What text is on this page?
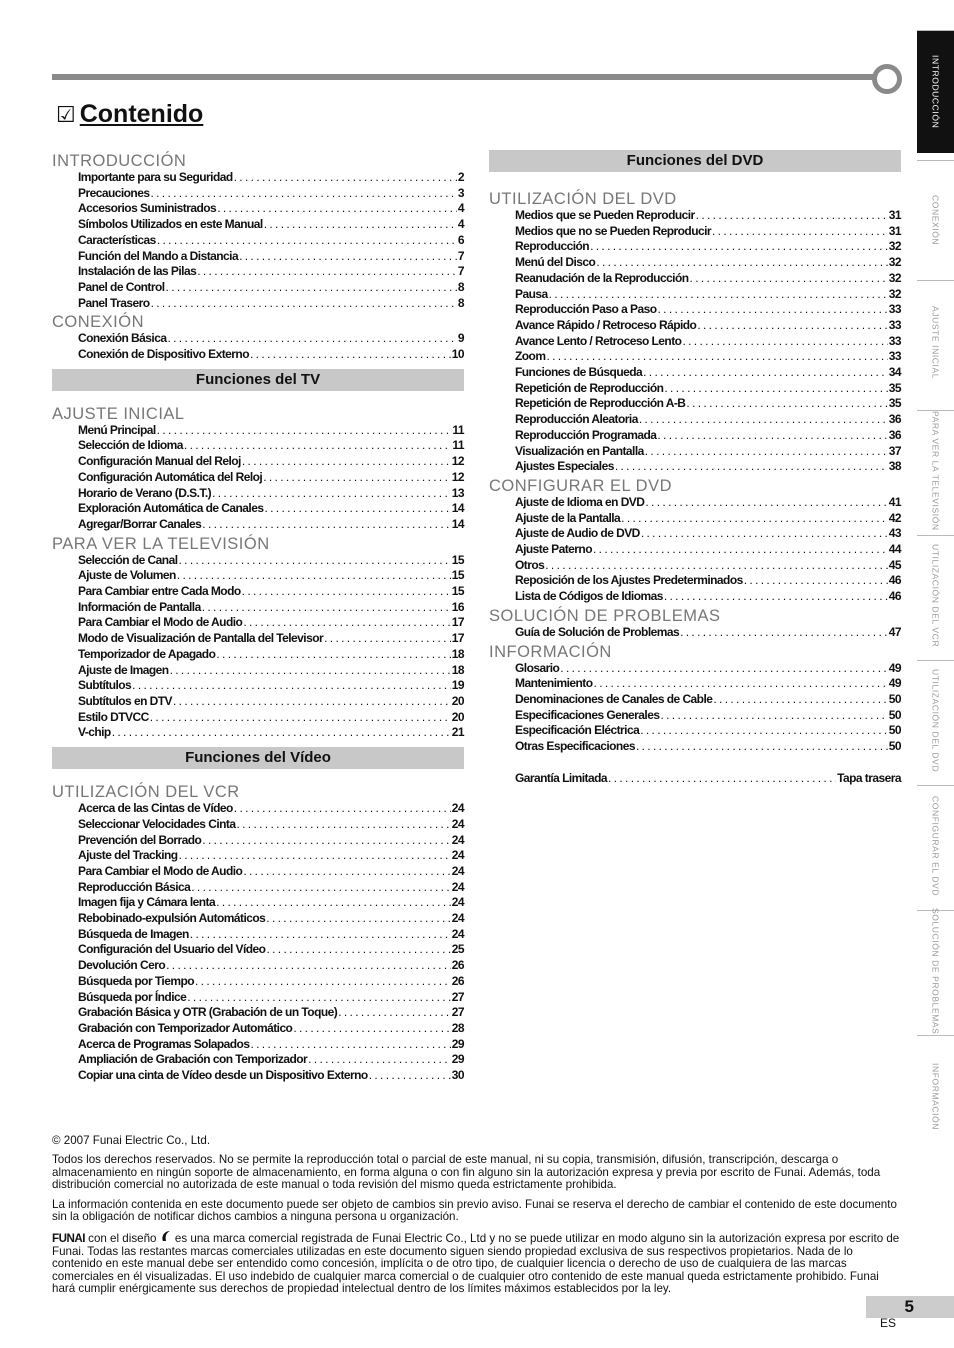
☑ Contenido
INTRODUCCIÓN
Importante para su Seguridad . . .	2
Precauciones . . .	3
Accesorios Suministrados . . .	4
Símbolos Utilizados en este Manual . . .	4
Características . . .	6
Función del Mando a Distancia . . .	7
Instalación de las Pilas . . .	7
Panel de Control . . .	8
Panel Trasero . . .	8
CONEXIÓN
Conexión Básica . . .	9
Conexión de Dispositivo Externo . . .	10
Funciones del TV
AJUSTE INICIAL
Menú Principal . . .	11
Selección de Idioma . . .	11
Configuración Manual del Reloj . . .	12
Configuración Automática del Reloj . . .	12
Horario de Verano (D.S.T.) . . .	13
Exploración Automática de Canales . . .	14
Agregar/Borrar Canales . . .	14
PARA VER LA TELEVISIÓN
Selección de Canal . . .	15
Ajuste de Volumen . . .	15
Para Cambiar entre Cada Modo . . .	15
Información de Pantalla . . .	16
Para Cambiar el Modo de Audio . . .	17
Modo de Visualización de Pantalla del Televisor . . .	17
Temporizador de Apagado . . .	18
Ajuste de Imagen . . .	18
Subtítulos . . .	19
Subtítulos en DTV . . .	20
Estilo DTVCC . . .	20
V-chip . . .	21
Funciones del Vídeo
UTILIZACIÓN DEL VCR
Acerca de las Cintas de Vídeo . . .	24
Seleccionar Velocidades Cinta . . .	24
Prevención del Borrado . . .	24
Ajuste del Tracking . . .	24
Para Cambiar el Modo de Audio . . .	24
Reproducción Básica . . .	24
Imagen fija y Cámara lenta . . .	24
Rebobinado-expulsión Automáticos . . .	24
Búsqueda de Imagen . . .	24
Configuración del Usuario del Vídeo . . .	25
Devolución Cero . . .	26
Búsqueda por Tiempo . . .	26
Búsqueda por Índice . . .	27
Grabación Básica y OTR (Grabación de un Toque) . . .	27
Grabación con Temporizador Automático . . .	28
Acerca de Programas Solapados . . .	29
Ampliación de Grabación con Temporizador . . .	29
Copiar una cinta de Vídeo desde un Dispositivo Externo . . .	30
Funciones del DVD
UTILIZACIÓN DEL DVD
Medios que se Pueden Reproducir . . .	31
Medios que no se Pueden Reproducir . . .	31
Reproducción . . .	32
Menú del Disco . . .	32
Reanudación de la Reproducción . . .	32
Pausa . . .	32
Reproducción Paso a Paso . . .	33
Avance Rápido / Retroceso Rápido . . .	33
Avance Lento / Retroceso Lento . . .	33
Zoom . . .	33
Funciones de Búsqueda . . .	34
Repetición de Reproducción . . .	35
Repetición de Reproducción A-B . . .	35
Reproducción Aleatoria . . .	36
Reproducción Programada . . .	36
Visualización en Pantalla . . .	37
Ajustes Especiales . . .	38
CONFIGURAR EL DVD
Ajuste de Idioma en DVD . . .	41
Ajuste de la Pantalla . . .	42
Ajuste de Audio de DVD . . .	43
Ajuste Paterno . . .	44
Otros . . .	45
Reposición de los Ajustes Predeterminados . . .	46
Lista de Códigos de Idiomas . . .	46
SOLUCIÓN DE PROBLEMAS
Guía de Solución de Problemas . . .	47
INFORMACIÓN
Glosario . . .	49
Mantenimiento . . .	49
Denominaciones de Canales de Cable . . .	50
Especificaciones Generales . . .	50
Especificación Eléctrica . . .	50
Otras Especificaciones . . .	50
Garantía Limitada . . .	Tapa trasera
INTRODUCCIÓN
CONEXIÓN
AJUSTE INICIAL
PARA VER LA TELEVISIÓN
UTILIZACIÓN DEL VCR
UTILIZACIÓN DEL DVD
CONFIGURAR EL DVD
SOLUCIÓN DE PROBLEMAS
INFORMACIÓN

© 2007 Funai Electric Co., Ltd.

Todos los derechos reservados. No se permite la reproducción total o parcial de este manual, ni su copia, transmisión, difusión, transcripción, descarga o almacenamiento en ningún soporte de almacenamiento, en forma alguna o con fin alguno sin la autorización expresa y previa por escrito de Funai. Además, toda distribución comercial no autorizada de este manual o toda revisión del mismo queda estrictamente prohibida.

La información contenida en este documento puede ser objeto de cambios sin previo aviso. Funai se reserva el derecho de cambiar el contenido de este documento sin la obligación de notificar dichos cambios a ninguna persona u organización.

FUNAI con el diseño  es una marca comercial registrada de Funai Electric Co., Ltd y no se puede utilizar en modo alguno sin la autorización expresa por escrito de Funai. Todas las restantes marcas comerciales utilizadas en este documento siguen siendo propiedad exclusiva de sus respectivos propietarios. Nada de lo contenido en este manual debe ser entendido como concesión, implícita o de otro tipo, de cualquier licencia o derecho de uso de cualquiera de las marcas comerciales en él visualizadas. El uso indebido de cualquier marca comercial o de cualquier otro contenido de este manual queda estrictamente prohibido. Funai hará cumplir enérgicamente sus derechos de propiedad intelectual dentro de los límites máximos establecidos por la ley.

5
ES
